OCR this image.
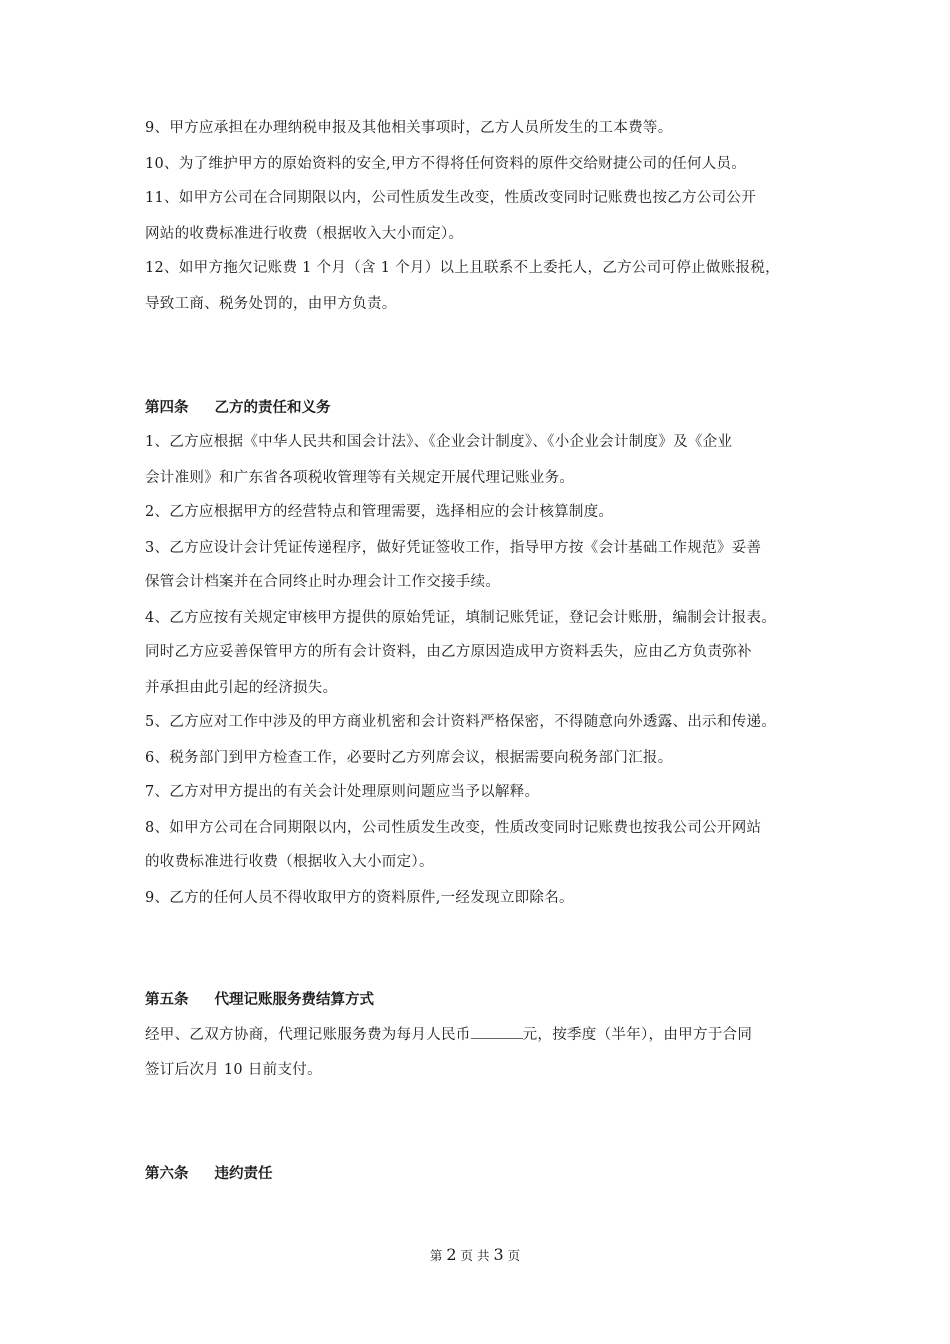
9、甲方应承担在办理纳税申报及其他相关事项时，乙方人员所发生的工本费等。
10、为了维护甲方的原始资料的安全,甲方不得将任何资料的原件交给财捷公司的任何人员。
11、如甲方公司在合同期限以内，公司性质发生改变，性质改变同时记账费也按乙方公司公开
网站的收费标准进行收费（根据收入大小而定）。
12、如甲方拖欠记账费 1 个月（含 1 个月）以上且联系不上委托人，乙方公司可停止做账报税，
导致工商、税务处罚的，由甲方负责。
第四条 乙方的责任和义务
1、乙方应根据《中华人民共和国会计法》、《企业会计制度》、《小企业会计制度》及《企业
会计准则》和广东省各项税收管理等有关规定开展代理记账业务。
2、乙方应根据甲方的经营特点和管理需要，选择相应的会计核算制度。
3、乙方应设计会计凭证传递程序，做好凭证签收工作，指导甲方按《会计基础工作规范》妥善
保管会计档案并在合同终止时办理会计工作交接手续。
4、乙方应按有关规定审核甲方提供的原始凭证，填制记账凭证，登记会计账册，编制会计报表。
同时乙方应妥善保管甲方的所有会计资料，由乙方原因造成甲方资料丢失，应由乙方负责弥补
并承担由此引起的经济损失。
5、乙方应对工作中涉及的甲方商业机密和会计资料严格保密，不得随意向外透露、出示和传递。
6、税务部门到甲方检查工作，必要时乙方列席会议，根据需要向税务部门汇报。
7、乙方对甲方提出的有关会计处理原则问题应当予以解释。
8、如甲方公司在合同期限以内，公司性质发生改变，性质改变同时记账费也按我公司公开网站
的收费标准进行收费（根据收入大小而定）。
9、乙方的任何人员不得收取甲方的资料原件,一经发现立即除名。
第五条 代理记账服务费结算方式
经甲、乙双方协商，代理记账服务费为每月人民币	元，按季度（半年），由甲方于合同
签订后次月 10 日前支付。
第六条 违约责任
第 2 页 共 3 页
